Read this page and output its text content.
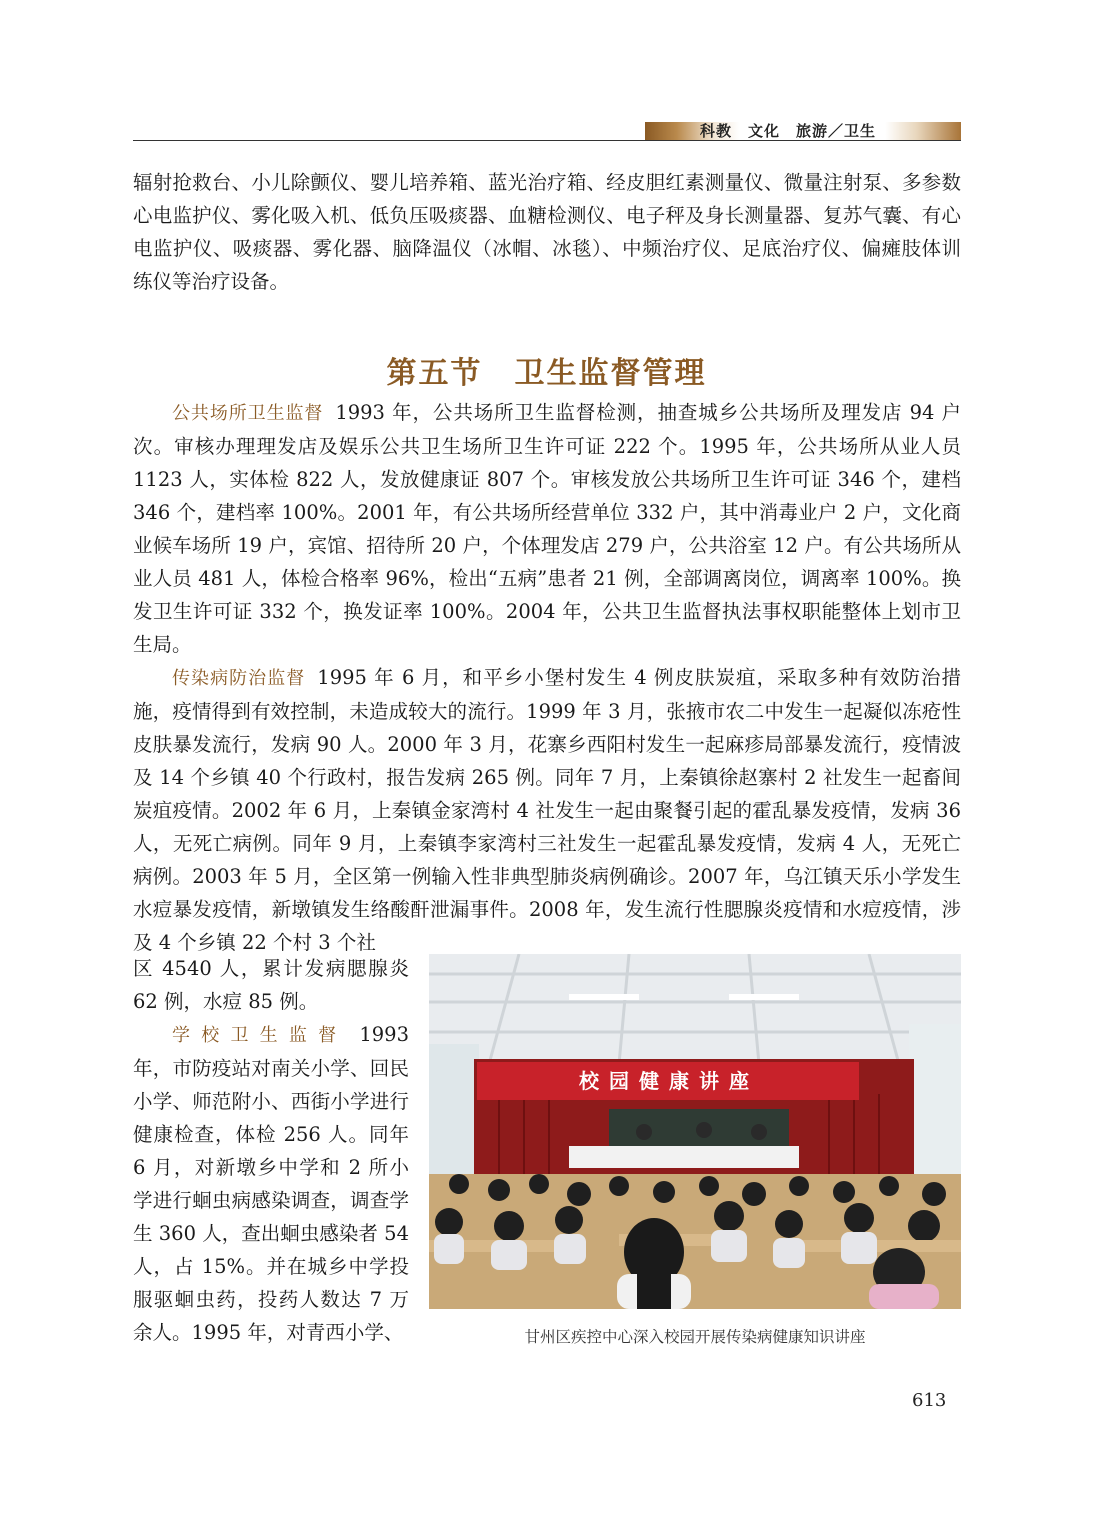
科教　文化　旅游／卫生

辐射抢救台、小儿除颤仪、婴儿培养箱、蓝光治疗箱、经皮胆红素测量仪、微量注射泵、多参数心电监护仪、雾化吸入机、低负压吸痰器、血糖检测仪、电子秤及身长测量器、复苏气囊、有心电监护仪、吸痰器、雾化器、脑降温仪（冰帽、冰毯）、中频治疗仪、足底治疗仪、偏瘫肢体训练仪等治疗设备。

第五节　卫生监督管理

公共场所卫生监督 1993 年，公共场所卫生监督检测，抽查城乡公共场所及理发店 94 户次。审核办理理发店及娱乐公共卫生场所卫生许可证 222 个。1995 年，公共场所从业人员 1123 人，实体检 822 人，发放健康证 807 个。审核发放公共场所卫生许可证 346 个，建档 346 个，建档率 100%。2001 年，有公共场所经营单位 332 户，其中消毒业户 2 户，文化商业候车场所 19 户，宾馆、招待所 20 户，个体理发店 279 户，公共浴室 12 户。有公共场所从业人员 481 人，体检合格率 96%，检出“五病”患者 21 例，全部调离岗位，调离率 100%。换发卫生许可证 332 个，换发证率 100%。2004 年，公共卫生监督执法事权职能整体上划市卫生局。

传染病防治监督 1995 年 6 月，和平乡小堡村发生 4 例皮肤炭疽，采取多种有效防治措施，疫情得到有效控制，未造成较大的流行。1999 年 3 月，张掖市农二中发生一起凝似冻疮性皮肤暴发流行，发病 90 人。2000 年 3 月，花寨乡西阳村发生一起麻疹局部暴发流行，疫情波及 14 个乡镇 40 个行政村，报告发病 265 例。同年 7 月，上秦镇徐赵寨村 2 社发生一起畜间炭疽疫情。2002 年 6 月，上秦镇金家湾村 4 社发生一起由聚餐引起的霍乱暴发疫情，发病 36 人，无死亡病例。同年 9 月，上秦镇李家湾村三社发生一起霍乱暴发疫情，发病 4 人，无死亡病例。2003 年 5 月，全区第一例输入性非典型肺炎病例确诊。2007 年，乌江镇天乐小学发生水痘暴发疫情，新墩镇发生络酸酐泄漏事件。2008 年，发生流行性腮腺炎疫情和水痘疫情，涉及 4 个乡镇 22 个村 3 个社

区 4540 人，累计发病腮腺炎 62 例，水痘 85 例。

学校卫生监督 1993 年，市防疫站对南关小学、回民小学、师范附小、西街小学进行健康检查，体检 256 人。同年 6 月，对新墩乡中学和 2 所小学进行蛔虫病感染调查，调查学生 360 人，查出蛔虫感染者 54 人，占 15%。并在城乡中学投服驱蛔虫药，投药人数达 7 万余人。1995 年，对青西小学、

校园健康讲座

甘州区疾控中心深入校园开展传染病健康知识讲座

613
